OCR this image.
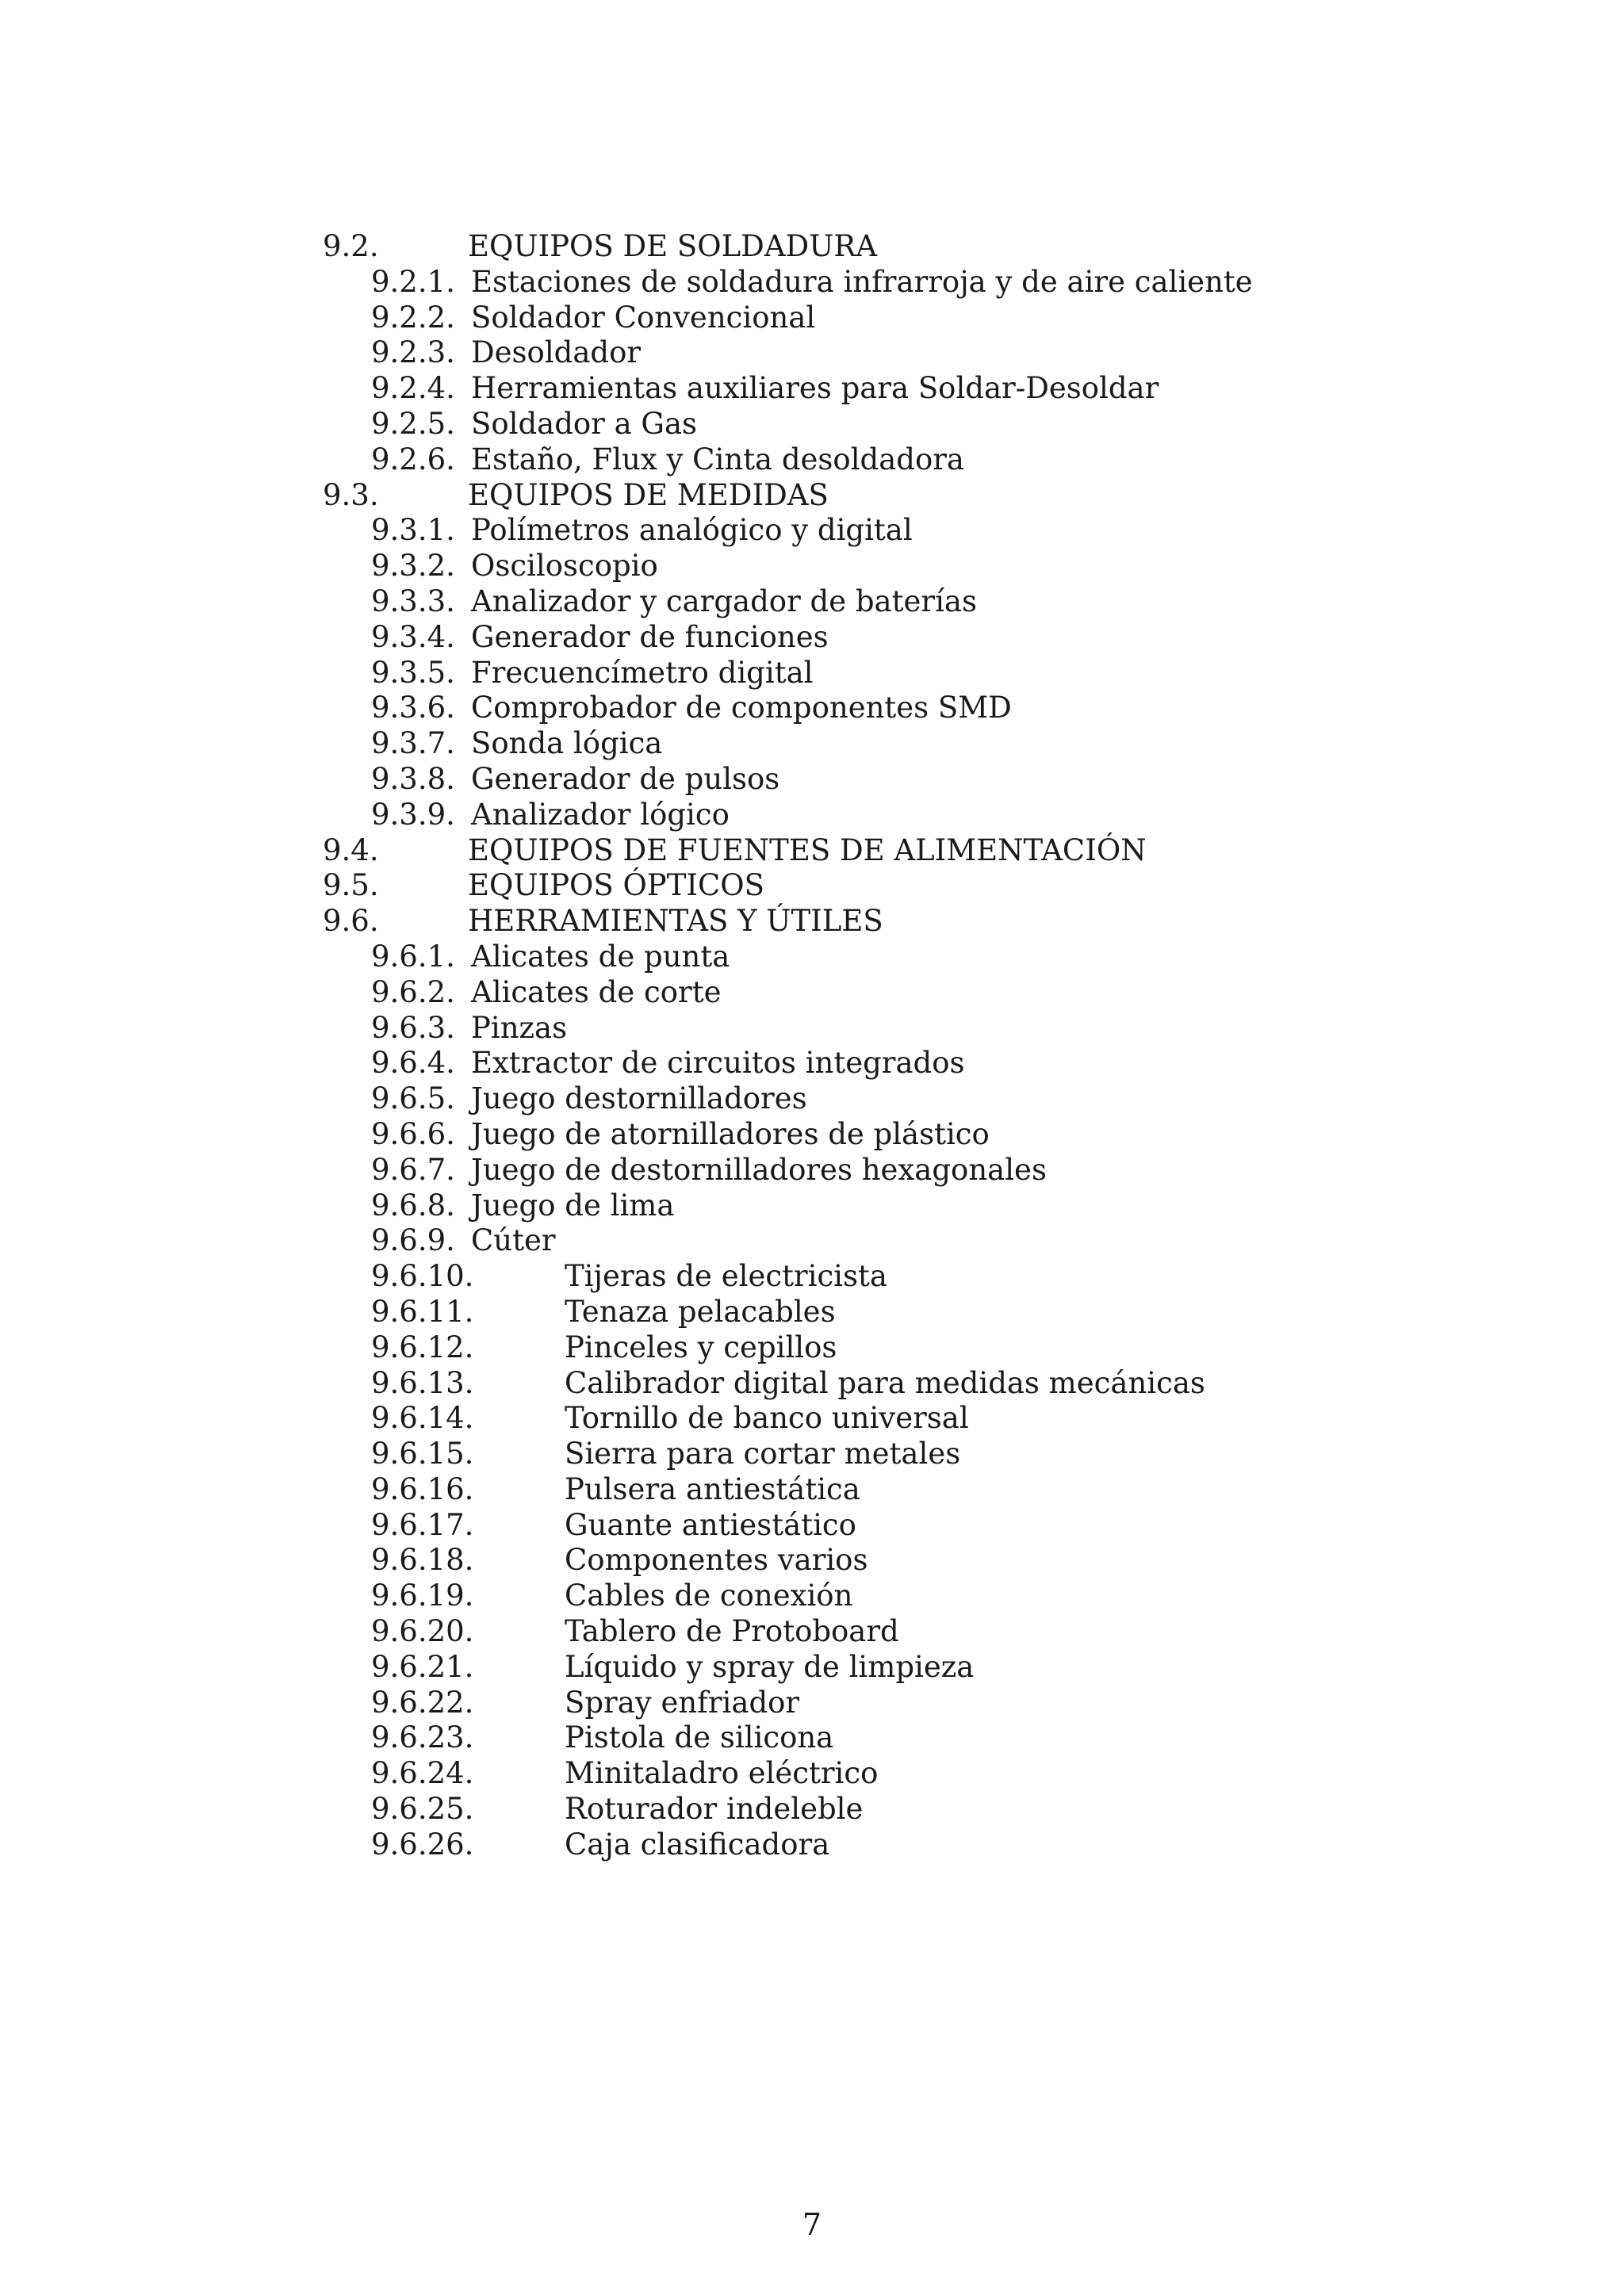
9.2.	EQUIPOS DE SOLDADURA
9.2.1. Estaciones de soldadura infrarroja y de aire caliente
9.2.2. Soldador Convencional
9.2.3. Desoldador
9.2.4. Herramientas auxiliares para Soldar-Desoldar
9.2.5. Soldador a Gas
9.2.6. Estaño, Flux y Cinta desoldadora
9.3.	EQUIPOS DE MEDIDAS
9.3.1. Polímetros analógico y digital
9.3.2. Osciloscopio
9.3.3. Analizador y cargador de baterías
9.3.4. Generador de funciones
9.3.5. Frecuencímetro digital
9.3.6. Comprobador de componentes SMD
9.3.7. Sonda lógica
9.3.8. Generador de pulsos
9.3.9. Analizador lógico
9.4.	EQUIPOS DE FUENTES DE ALIMENTACIÓN
9.5.	EQUIPOS ÓPTICOS
9.6.	HERRAMIENTAS Y ÚTILES
9.6.1. Alicates de punta
9.6.2. Alicates de corte
9.6.3. Pinzas
9.6.4. Extractor de circuitos integrados
9.6.5. Juego destornilladores
9.6.6. Juego de atornilladores de plástico
9.6.7. Juego de destornilladores hexagonales
9.6.8. Juego de lima
9.6.9. Cúter
9.6.10.	Tijeras de electricista
9.6.11.	Tenaza pelacables
9.6.12.	Pinceles y cepillos
9.6.13.	Calibrador digital para medidas mecánicas
9.6.14.	Tornillo de banco universal
9.6.15.	Sierra para cortar metales
9.6.16.	Pulsera antiestática
9.6.17.	Guante antiestático
9.6.18.	Componentes varios
9.6.19.	Cables de conexión
9.6.20.	Tablero de Protoboard
9.6.21.	Líquido y spray de limpieza
9.6.22.	Spray enfriador
9.6.23.	Pistola de silicona
9.6.24.	Minitaladro eléctrico
9.6.25.	Roturador indeleble
9.6.26.	Caja clasificadora
7
